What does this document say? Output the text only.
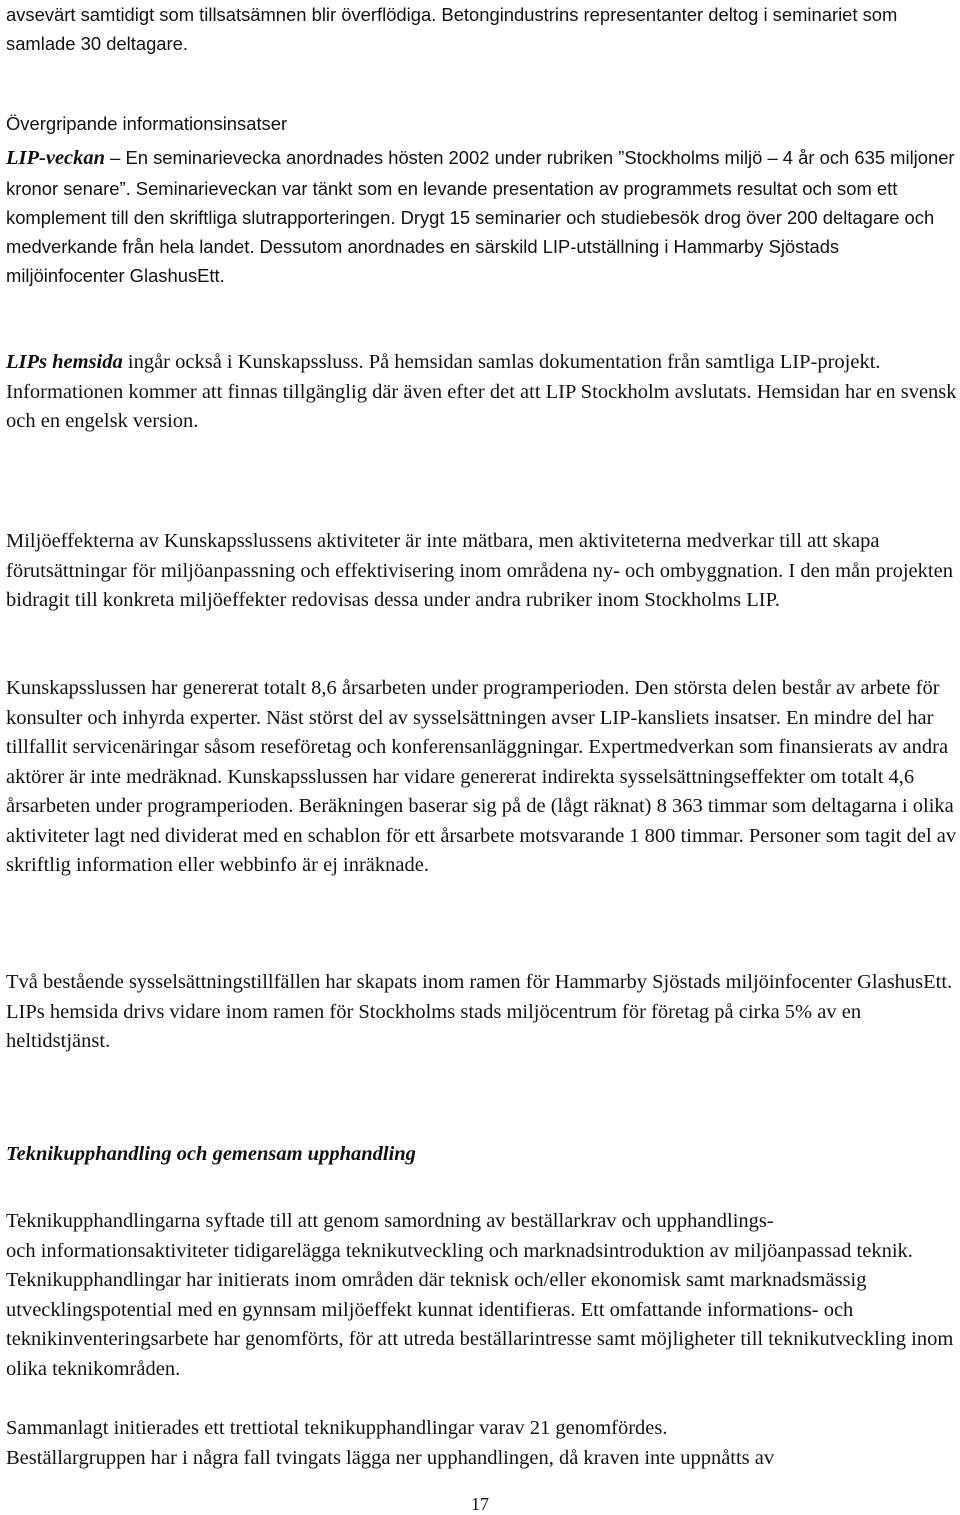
avsevärt samtidigt som tillsatsämnen blir överflödiga. Betongindustrins representanter deltog i seminariet som samlade 30 deltagare.

Övergripande informationsinsatser

LIP-veckan – En seminarievecka anordnades hösten 2002 under rubriken ”Stockholms miljö – 4 år och 635 miljoner kronor senare”. Seminarieveckan var tänkt som en levande presentation av programmets resultat och som ett komplement till den skriftliga slutrapporteringen. Drygt 15 seminarier och studiebesök drog över 200 deltagare och medverkande från hela landet. Dessutom anordnades en särskild LIP-utställning i Hammarby Sjöstads miljöinfocenter GlashusEtt.

LIPs hemsida ingår också i Kunskapssluss. På hemsidan samlas dokumentation från samtliga LIP-projekt. Informationen kommer att finnas tillgänglig där även efter det att LIP Stockholm avslutats. Hemsidan har en svensk och en engelsk version.

Miljöeffekterna av Kunskapsslussens aktiviteter är inte mätbara, men aktiviteterna medverkar till att skapa förutsättningar för miljöanpassning och effektivisering inom områdena ny- och ombyggnation. I den mån projekten bidragit till konkreta miljöeffekter redovisas dessa under andra rubriker inom Stockholms LIP.

Kunskapsslussen har genererat totalt 8,6 årsarbeten under programperioden. Den största delen består av arbete för konsulter och inhyrda experter. Näst störst del av sysselsättningen avser LIP-kansliets insatser. En mindre del har tillfallit servicenäringar såsom reseföretag och konferensanläggningar. Expertmedverkan som finansierats av andra aktörer är inte medräknad. Kunskapsslussen har vidare genererat indirekta sysselsättningseffekter om totalt 4,6 årsarbeten under programperioden. Beräkningen baserar sig på de (lågt räknat) 8 363 timmar som deltagarna i olika aktiviteter lagt ned dividerat med en schablon för ett årsarbete motsvarande 1 800 timmar. Personer som tagit del av skriftlig information eller webbinfo är ej inräknade.

Två bestående sysselsättningstillfällen har skapats inom ramen för Hammarby Sjöstads miljöinfocenter GlashusEtt. LIPs hemsida drivs vidare inom ramen för Stockholms stads miljöcentrum för företag på cirka 5% av en heltidstjänst.

Teknikupphandling och gemensam upphandling

Teknikupphandlingarna syftade till att genom samordning av beställarkrav och upphandlings-
och informationsaktiviteter tidigarelägga teknikutveckling och marknadsintroduktion av miljöanpassad teknik. Teknikupphandlingar har initierats inom områden där teknisk och/eller ekonomisk samt marknadsmässig utvecklingspotential med en gynnsam miljöeffekt kunnat identifieras. Ett omfattande informations- och teknikinventeringsarbete har genomförts, för att utreda beställarintresse samt möjligheter till teknikutveckling inom olika teknikområden.

Sammanlagt initierades ett trettiotal teknikupphandlingar varav 21 genomfördes.
Beställargruppen har i några fall tvingats lägga ner upphandlingen, då kraven inte uppnåtts av

17
